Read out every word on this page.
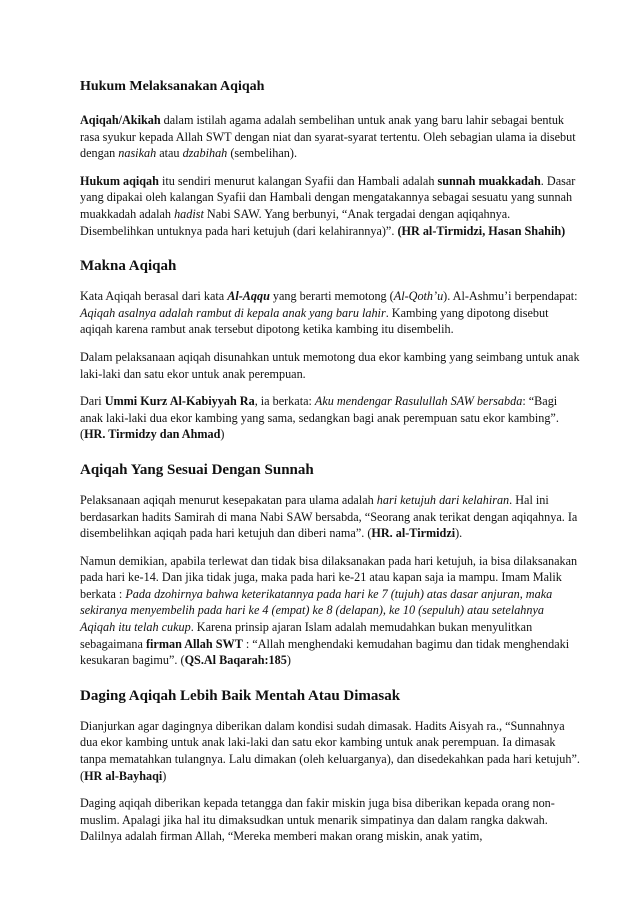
Hukum Melaksanakan Aqiqah

Aqiqah/Akikah dalam istilah agama adalah sembelihan untuk anak yang baru lahir sebagai bentuk rasa syukur kepada Allah SWT dengan niat dan syarat-syarat tertentu. Oleh sebagian ulama ia disebut dengan nasikah atau dzabihah (sembelihan).

Hukum aqiqah itu sendiri menurut kalangan Syafii dan Hambali adalah sunnah muakkadah. Dasar yang dipakai oleh kalangan Syafii dan Hambali dengan mengatakannya sebagai sesuatu yang sunnah muakkadah adalah hadist Nabi SAW. Yang berbunyi, “Anak tergadai dengan aqiqahnya. Disembelihkan untuknya pada hari ketujuh (dari kelahirannya)”. (HR al-Tirmidzi, Hasan Shahih)

Makna Aqiqah

Kata Aqiqah berasal dari kata Al-Aqqu yang berarti memotong (Al-Qoth’u). Al-Ashmu’i berpendapat: Aqiqah asalnya adalah rambut di kepala anak yang baru lahir. Kambing yang dipotong disebut aqiqah karena rambut anak tersebut dipotong ketika kambing itu disembelih.

Dalam pelaksanaan aqiqah disunahkan untuk memotong dua ekor kambing yang seimbang untuk anak laki-laki dan satu ekor untuk anak perempuan.

Dari Ummi Kurz Al-Kabiyyah Ra, ia berkata: Aku mendengar Rasulullah SAW bersabda: “Bagi anak laki-laki dua ekor kambing yang sama, sedangkan bagi anak perempuan satu ekor kambing”. (HR. Tirmidzy dan Ahmad)

Aqiqah Yang Sesuai Dengan Sunnah

Pelaksanaan aqiqah menurut kesepakatan para ulama adalah hari ketujuh dari kelahiran. Hal ini berdasarkan hadits Samirah di mana Nabi SAW bersabda, “Seorang anak terikat dengan aqiqahnya. Ia disembelihkan aqiqah pada hari ketujuh dan diberi nama”. (HR. al-Tirmidzi).

Namun demikian, apabila terlewat dan tidak bisa dilaksanakan pada hari ketujuh, ia bisa dilaksanakan pada hari ke-14. Dan jika tidak juga, maka pada hari ke-21 atau kapan saja ia mampu. Imam Malik berkata : Pada dzohirnya bahwa keterikatannya pada hari ke 7 (tujuh) atas dasar anjuran, maka sekiranya menyembelih pada hari ke 4 (empat) ke 8 (delapan), ke 10 (sepuluh) atau setelahnya Aqiqah itu telah cukup. Karena prinsip ajaran Islam adalah memudahkan bukan menyulitkan sebagaimana firman Allah SWT : “Allah menghendaki kemudahan bagimu dan tidak menghendaki kesukaran bagimu”. (QS.Al Baqarah:185)

Daging Aqiqah Lebih Baik Mentah Atau Dimasak

Dianjurkan agar dagingnya diberikan dalam kondisi sudah dimasak. Hadits Aisyah ra., “Sunnahnya dua ekor kambing untuk anak laki-laki dan satu ekor kambing untuk anak perempuan. Ia dimasak tanpa mematahkan tulangnya. Lalu dimakan (oleh keluarganya), dan disedekahkan pada hari ketujuh”. (HR al-Bayhaqi)

Daging aqiqah diberikan kepada tetangga dan fakir miskin juga bisa diberikan kepada orang non-muslim. Apalagi jika hal itu dimaksudkan untuk menarik simpatinya dan dalam rangka dakwah. Dalilnya adalah firman Allah, “Mereka memberi makan orang miskin, anak yatim,
